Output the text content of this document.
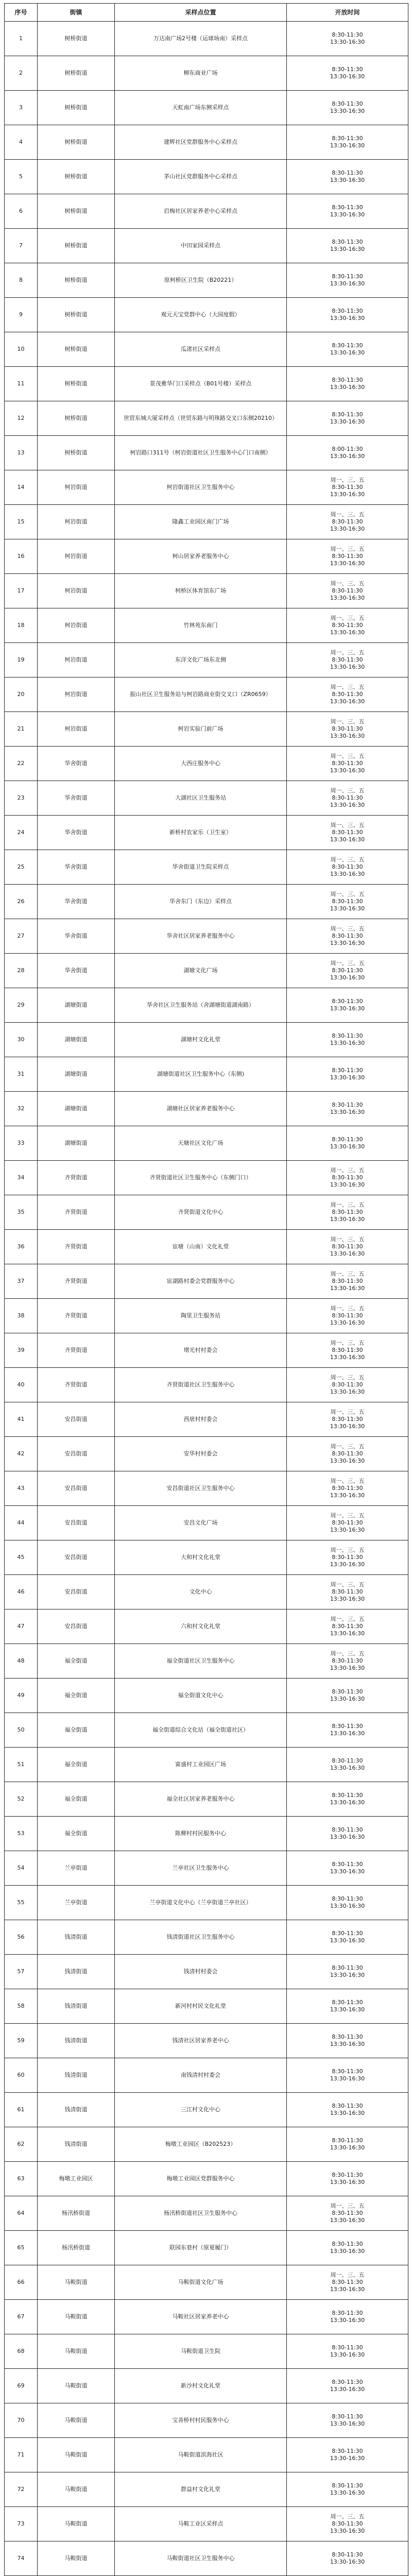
序号	街镇	采样点位置	开放时间
1	树桥街道	万达南广场2号楼（运球场南）采样点	8:30-11:30
13:30-16:30

2	树桥街道	柳东商业广场	8:30-11:30
13:30-16:30

3	树桥街道	天虹南广场东侧采样点	8:30-11:30
13:30-16:30

4	树桥街道	建辉社区党群服务中心采样点	8:30-11:30
13:30-16:30

5	树桥街道	茅山社区党群服务中心采样点	8:30-11:30
13:30-16:30

6	树桥街道	启梅社区居家养老中心采样点	8:30-11:30
13:30-16:30

7	树桥街道	中田家园采样点	8:30-11:30
13:30-16:30

8	树桥街道	原柯桥区卫生院（B20221）	8:30-11:30
13:30-16:30

9	树桥街道	观元天宝党群中心（大园度假）	8:30-11:30
13:30-16:30

10	树桥街道	瓜渚社区采样点	8:30-11:30
13:30-16:30

11	树桥街道	景茂雅华门口采样点（B01号楼）采样点	8:30-11:30
13:30-16:30

12	树桥街道	世贸东城大厦采样点（世贸东路与明珠路交叉口东侧20210）	8:30-11:30
13:30-16:30

13	树桥街道	柯岩路口311号（柯岩街道社区卫生服务中心门口南侧）	8:00-11:30
13:30-16:30

14	柯岩街道	柯岩街道社区卫生服务中心	周一、三、五
8:30-11:30
13:30-16:30

15	柯岩街道	隆鑫工业园区南门广场	周一、三、五
8:30-11:30
13:30-16:30

16	柯岩街道	柯山居家养老服务中心	周一、三、五
8:30-11:30
13:30-16:30

17	柯岩街道	柯桥区体育馆东广场	周一、三、五
8:30-11:30
13:30-16:30

18	柯岩街道	竹林苑东南门	周一、三、五
8:30-11:30
13:30-16:30

19	柯岩街道	东洋文化广场东北侧	周一、三、五
8:30-11:30
13:30-16:30

20	柯岩街道	振山社区卫生服务站与柯岩路商业街交叉口（ZR0659）	周一、三、五
8:30-11:30
13:30-16:30

21	柯岩街道	柯岩实验门前广场	周一、三、五
8:30-11:30
13:30-16:30

22	华舍街道	大西庄服务中心	周一、三、五
8:30-11:30
13:30-16:30

23	华舍街道	大湖社区卫生服务站	周一、三、五
8:30-11:30
13:30-16:30

24	华舍街道	新桥村农家乐（卫生室）	周一、三、五
8:30-11:30
13:30-16:30

25	华舍街道	华舍街道卫生院采样点	周一、三、五
8:30-11:30
13:30-16:30

26	华舍街道	华舍东门（东边）采样点	周一、三、五
8:30-11:30
13:30-16:30

27	华舍街道	华舍社区居家养老服务中心	周一、三、五
8:30-11:30
13:30-16:30

28	华舍街道	湖塘文化广场	周一、三、五
8:30-11:30
13:30-16:30

29	湖塘街道	华舍社区卫生服务站（舍湖塘街道湖南路）	8:30-11:30
13:30-16:30

30	湖塘街道	湖塘村文化礼堂	8:30-11:30
13:30-16:30

31	湖塘街道	湖塘街道社区卫生服务中心（东侧)	8:30-11:30
13:30-16:30

32	湖塘街道	湖塘社区居家养老服务中心	8:30-11:30
13:30-16:30

33	湖塘街道	天塘社区文化广场	8:30-11:30
13:30-16:30

34	齐贤街道	齐贤街道社区卫生服务中心（东侧门口）	周一、三、五
8:30-11:30
13:30-16:30

35	齐贤街道	齐贤街道文化中心	周一、三、五
8:30-11:30
13:30-16:30

36	齐贤街道	宦塘（山南）文化礼堂	周一、三、五
8:30-11:30
13:30-16:30

37	齐贤街道	宦湖路村委会党群服务中心	周一、三、五
8:30-11:30
13:30-16:30

38	齐贤街道	陶里卫生服务站	周一、三、五
8:30-11:30
13:30-16:30

39	齐贤街道	增光村村委会	周一、三、五
8:30-11:30
13:30-16:30

40	齐贤街道	齐贤街道社区卫生服务中心	周一、三、五
8:30-11:30
13:30-16:30

41	安昌街道	西扆村村委会	周一、三、五
8:30-11:30
13:30-16:30

42	安昌街道	安华村村委会	周一、三、五
8:30-11:30
13:30-16:30

43	安昌街道	安昌街道社区卫生服务中心	周一、三、五
8:30-11:30
13:30-16:30

44	安昌街道	安昌文化广场	周一、三、五
8:30-11:30
13:30-16:30

45	安昌街道	大和村文化礼堂	周一、三、五
8:30-11:30
13:30-16:30

46	安昌街道	文化中心	周一、三、五
8:30-11:30
13:30-16:30

47	安昌街道	六和村文化礼堂	周一、三、五
8:30-11:30
13:30-16:30

48	福全街道	福全街道社区卫生服务中心	周一、三、五
8:30-11:30
13:30-16:30

49	福全街道	福全街道文化中心	8:30-11:30
13:30-16:30

50	福全街道	福全街道综合文化站（福全街道社区）	8:30-11:30
13:30-16:30

51	福全街道	富盛村工业园区广场	8:30-11:30
13:30-16:30

52	福全街道	福全社区居家养老服务中心	8:30-11:30
13:30-16:30

53	福全街道	陈柳村村民服务中心	8:30-11:30
13:30-16:30

54	兰亭街道	兰亭社区卫生服务中心	8:30-11:30
13:30-16:30

55	兰亭街道	兰亭街道文化中心（兰亭街道兰亭社区）	8:30-11:30
13:30-16:30

56	钱清街道	钱清街道社区卫生服务中心	8:30-11:30
13:30-16:30

57	钱清街道	钱清村村委会	8:30-11:30
13:30-16:30

58	钱清街道	新河村村民文化礼堂	8:30-11:30
13:30-16:30

59	钱清街道	钱清社区居家养老中心	8:30-11:30
13:30-16:30

60	钱清街道	南钱清村村委会	8:30-11:30
13:30-16:30

61	钱清街道	三江村文化中心	8:30-11:30
13:30-16:30

62	钱清街道	梅墩工业园区（B202523）	8:30-11:30
13:30-16:30

63	梅墩工业园区	梅墩工业园区党群服务中心	8:30-11:30
13:30-16:30

64	杨汛桥街道	杨汛桥街道社区卫生服务中心	周一、三、五
8:30-11:30
13:30-16:30

65	杨汛桥街道	联园东巷村（原夏履门）	8:30-11:30
13:30-16:30

66	马鞍街道	马鞍街道文化广场	周一、三、五
8:30-11:30
13:30-16:30

67	马鞍街道	马鞍社区居家养老中心	8:30-11:30
13:30-16:30

68	马鞍街道	马鞍街道卫生院	8:30-11:30
13:30-16:30

69	马鞍街道	新沙村文化礼堂	8:30-11:30
13:30-16:30

70	马鞍街道	宝善桥村村民服务中心	8:30-11:30
13:30-16:30

71	马鞍街道	马鞍街道滨海社区	8:30-11:30
13:30-16:30

72	马鞍街道	群益村文化礼堂	8:30-11:30
13:30-16:30

73	马鞍街道	马鞍工业区采样点	周一、三、五
8:30-11:30
13:30-16:30

74	马鞍街道	马鞍街道社区卫生服务中心	8:30-11:30
13:30-16:30
